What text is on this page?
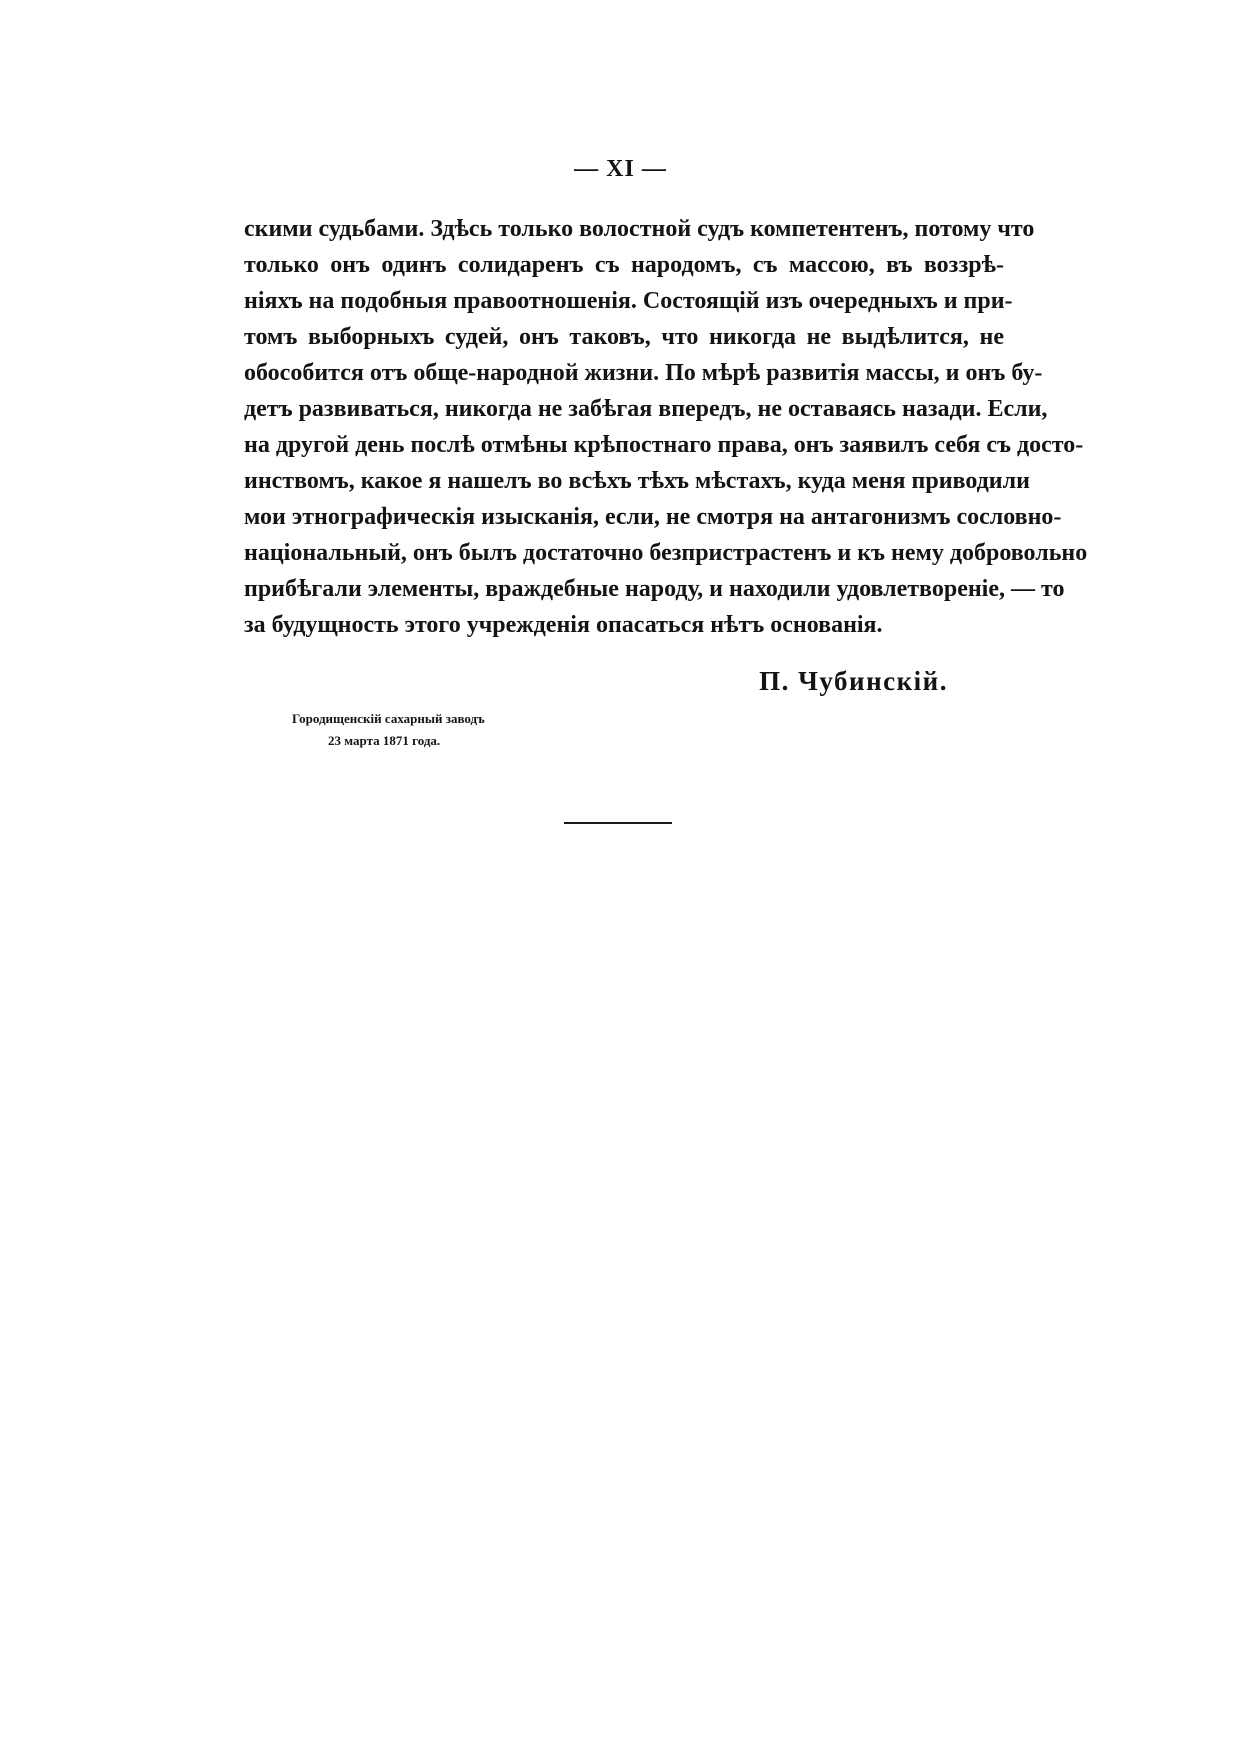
— XI —
скими судьбами. Здѣсь только волостной судъ компетентенъ, потому что
только онъ одинъ солидаренъ съ народомъ, съ массою, въ воззрѣ-
ніяхъ на подобныя правоотношенія. Состоящій изъ очередныхъ и при-
томъ выборныхъ судей, онъ таковъ, что никогда не выдѣлится, не
обособится отъ обще-народной жизни. По мѣрѣ развитія массы, и онъ бу-
детъ развиваться, никогда не забѣгая впередъ, не оставаясь назади. Если,
на другой день послѣ отмѣны крѣпостнаго права, онъ заявилъ себя съ досто-
инствомъ, какое я нашелъ во всѣхъ тѣхъ мѣстахъ, куда меня приводили
мои этнографическія изысканія, если, не смотря на антагонизмъ сословно-
національный, онъ былъ достаточно безпристрастенъ и къ нему добровольно
прибѣгали элементы, враждебные народу, и находили удовлетвореніе, — то
за будущность этого учрежденія опасаться нѣтъ основанія.
П. Чубинскій.
Городищенскій сахарный заводъ
23 марта 1871 года.
